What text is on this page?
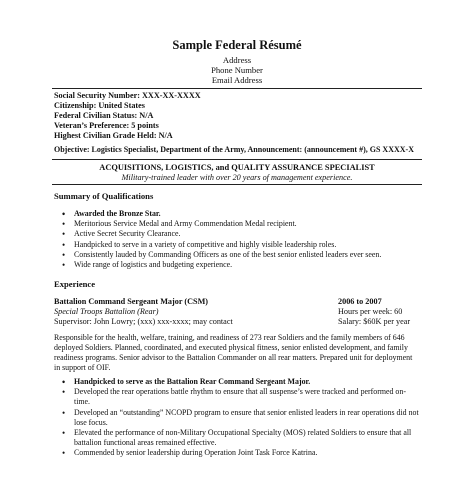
Sample Federal Résumé
Address
Phone Number
Email Address
Social Security Number: XXX-XX-XXXX
Citizenship: United States
Federal Civilian Status: N/A
Veteran’s Preference: 5 points
Highest Civilian Grade Held: N/A
Objective: Logistics Specialist, Department of the Army, Announcement: (announcement #), GS XXXX-X
ACQUISITIONS, LOGISTICS, and QUALITY ASSURANCE SPECIALIST
Military-trained leader with over 20 years of management experience.
Summary of Qualifications
• Awarded the Bronze Star.
• Meritorious Service Medal and Army Commendation Medal recipient.
• Active Secret Security Clearance.
• Handpicked to serve in a variety of competitive and highly visible leadership roles.
• Consistently lauded by Commanding Officers as one of the best senior enlisted leaders ever seen.
• Wide range of logistics and budgeting experience.
Experience
Battalion Command Sergeant Major (CSM)
Special Troops Battalion (Rear)
Supervisor: John Lowry; (xxx) xxx-xxxx; may contact
2006 to 2007
Hours per week: 60
Salary: $60K per year
Responsible for the health, welfare, training, and readiness of 273 rear Soldiers and the family members of 646
deployed Soldiers. Planned, coordinated, and executed physical fitness, senior enlisted development, and family
readiness programs. Senior advisor to the Battalion Commander on all rear matters. Prepared unit for deployment
in support of OIF.
• Handpicked to serve as the Battalion Rear Command Sergeant Major.
• Developed the rear operations battle rhythm to ensure that all suspense’s were tracked and performed on-time.
• Developed an “outstanding” NCOPD program to ensure that senior enlisted leaders in rear operations did not lose focus.
• Elevated the performance of non-Military Occupational Specialty (MOS) related Soldiers to ensure that all battalion functional areas remained effective.
• Commended by senior leadership during Operation Joint Task Force Katrina.
